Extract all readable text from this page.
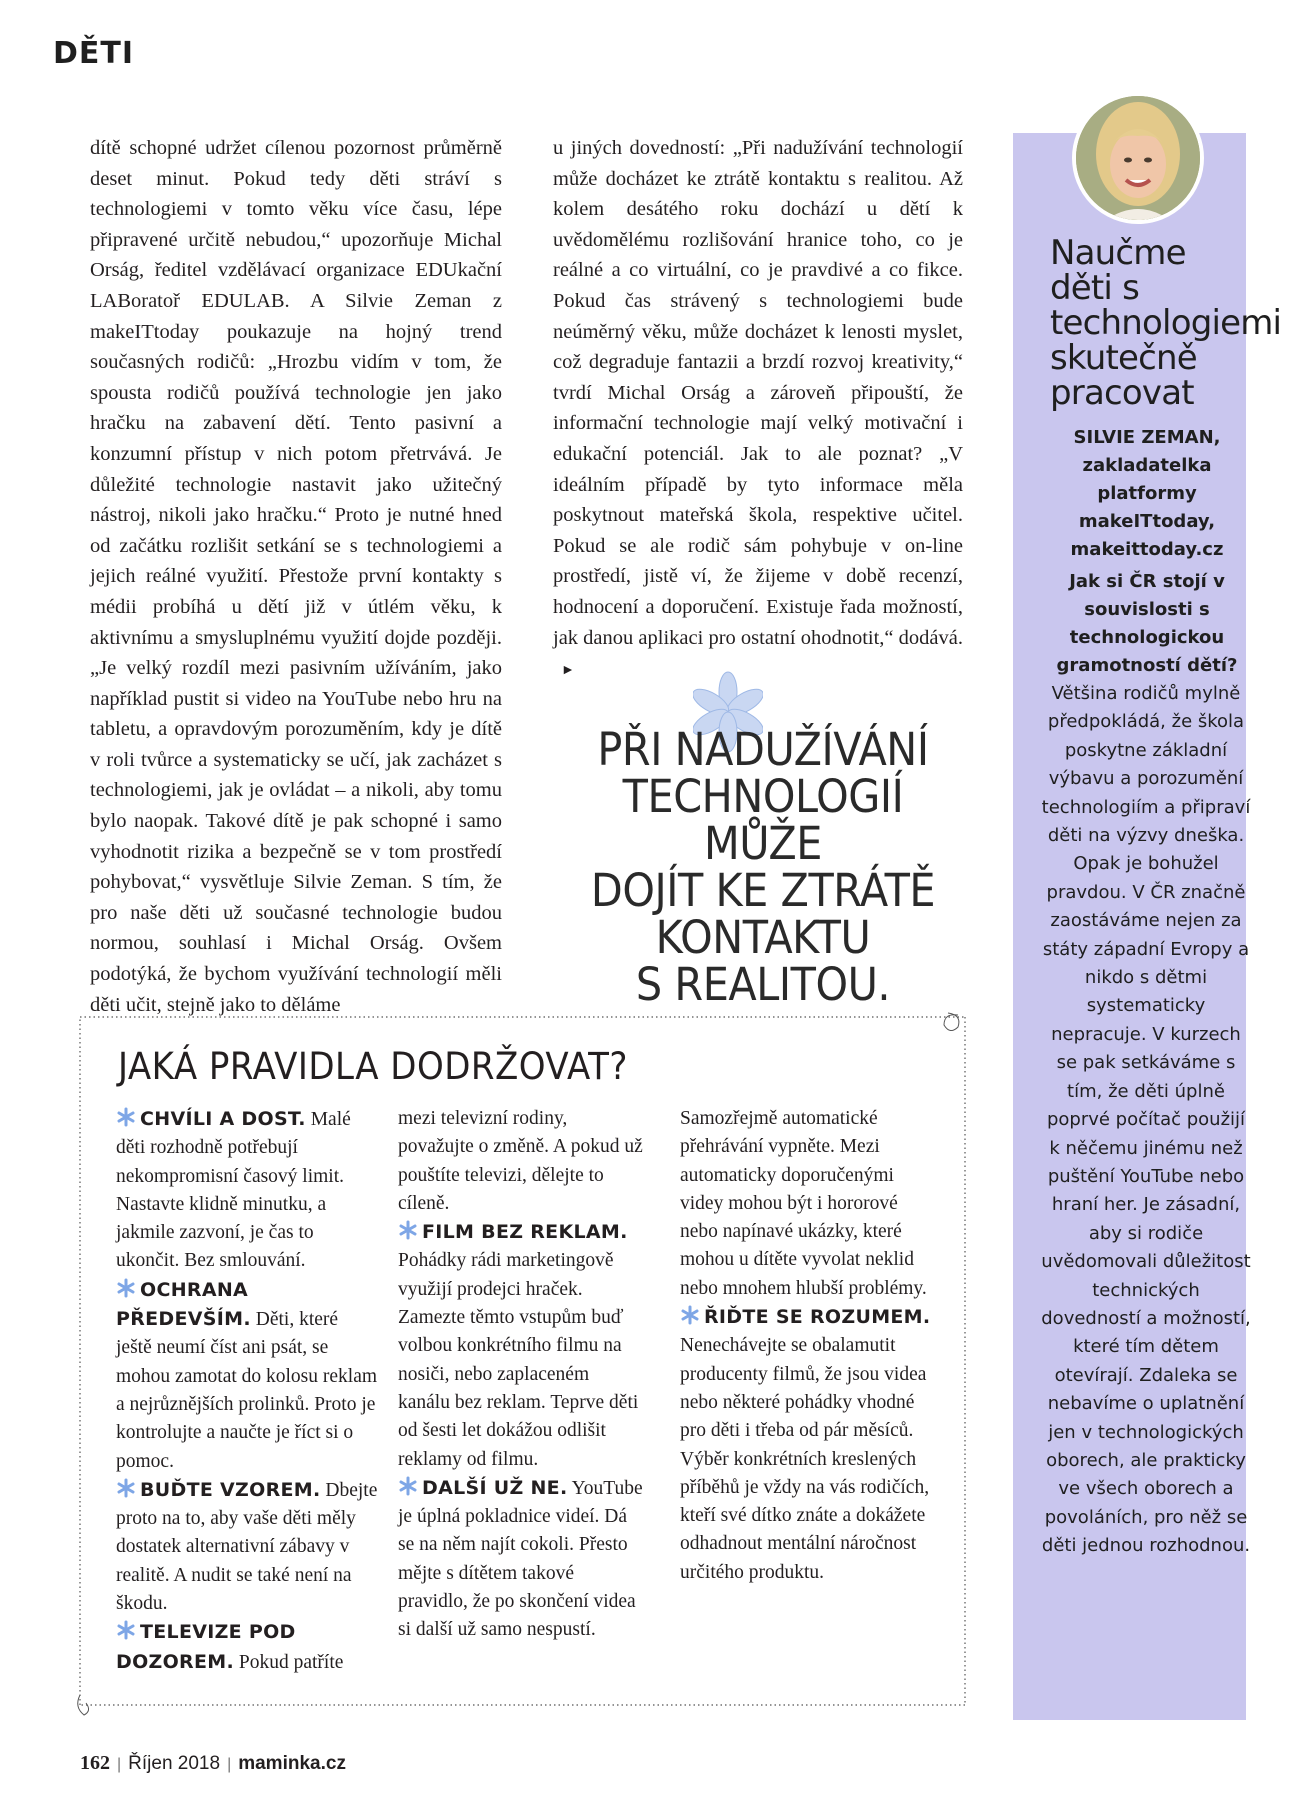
DĚTI
dítě schopné udržet cílenou pozornost průměrně deset minut. Pokud tedy děti stráví s technologiemi v tomto věku více času, lépe připravené určitě nebudou,“ upozorňuje Michal Orság, ředitel vzdělávací organizace EDUkační LABoratoř EDULAB. A Silvie Zeman z makeITtoday poukazuje na hojný trend současných rodičů: „Hrozbu vidím v tom, že spousta rodičů používá technologie jen jako hračku na zabavení dětí. Tento pasivní a konzumní přístup v nich potom přetrvává. Je důležité technologie nastavit jako užitečný nástroj, nikoli jako hračku.“ Proto je nutné hned od začátku rozlišit setkání se s technologiemi a jejich reálné využití. Přestože první kontakty s médii probíhá u dětí již v útlém věku, k aktivnímu a smysluplnému využití dojde později. „Je velký rozdíl mezi pasivním užíváním, jako například pustit si video na YouTube nebo hru na tabletu, a opravdovým porozuměním, kdy je dítě v roli tvůrce a systematicky se učí, jak zacházet s technologiemi, jak je ovládat – a nikoli, aby tomu bylo naopak. Takové dítě je pak schopné i samo vyhodnotit rizika a bezpečně se v tom prostředí pohybovat,“ vysvětluje Silvie Zeman. S tím, že pro naše děti už současné technologie budou normou, souhlasí i Michal Orság. Ovšem podotýká, že bychom využívání technologií měli děti učit, stejně jako to děláme

u jiných dovedností: „Při nadužívání technologií může docházet ke ztrátě kontaktu s realitou. Až kolem desátého roku dochází u dětí k uvědomělému rozlišování hranice toho, co je reálné a co virtuální, co je pravdivé a co fikce. Pokud čas strávený s technologiemi bude neúměrný věku, může docházet k lenosti myslet, což degraduje fantazii a brzdí rozvoj kreativity,“ tvrdí Michal Orság a zároveň připouští, že informační technologie mají velký motivační i edukační potenciál. Jak to ale poznat? „V ideálním případě by tyto informace měla poskytnout mateřská škola, respektive učitel. Pokud se ale rodič sám pohybuje v on-line prostředí, jistě ví, že žijeme v době recenzí, hodnocení a doporučení. Existuje řada možností, jak danou aplikaci pro ostatní ohodnotit,“ dodává.►

PŘI NADUŽÍVÁNÍ
TECHNOLOGIÍ MŮŽE
DOJÍT KE ZTRÁTĚ
KONTAKTU
S REALITOU.
JAKÁ PRAVIDLA DODRŽOVAT?
CHVÍLI A DOST. Malé děti rozhodně potřebují nekompromisní časový limit. Nastavte klidně minutku, a jakmile zazvoní, je čas to ukončit. Bez smlouvání.
OCHRANA PŘEDEVŠÍM. Děti, které ještě neumí číst ani psát, se mohou zamotat do kolosu reklam a nejrůznějších prolinků. Proto je kontrolujte a naučte je říct si o pomoc.
BUĎTE VZOREM. Dbejte proto na to, aby vaše děti měly dostatek alternativní zábavy v realitě. A nudit se také není na škodu.
TELEVIZE POD DOZOREM. Pokud patříte
mezi televizní rodiny, považujte o změně. A pokud už pouštíte televizi, dělejte to cíleně.
FILM BEZ REKLAM. Pohádky rádi marketingově využijí prodejci hraček. Zamezte těmto vstupům buď volbou konkrétního filmu na nosiči, nebo zaplaceném kanálu bez reklam. Teprve děti od šesti let dokážou odlišit reklamy od filmu.
DALŠÍ UŽ NE. YouTube je úplná pokladnice videí. Dá se na něm najít cokoli. Přesto mějte s dítětem takové pravidlo, že po skončení videa si další už samo nespustí.
Samozřejmě automatické přehrávání vypněte. Mezi automaticky doporučenými videy mohou být i hororové nebo napínavé ukázky, které mohou u dítěte vyvolat neklid nebo mnohem hlubší problémy.
ŘIĎTE SE ROZUMEM. Nenechávejte se obalamutit producenty filmů, že jsou videa nebo některé pohádky vhodné pro děti i třeba od pár měsíců. Výběr konkrétních kreslených příběhů je vždy na vás rodičích, kteří své dítko znáte a dokážete odhadnout mentální náročnost určitého produktu.
Naučme děti s technologiemi skutečně pracovat
SILVIE ZEMAN,
zakladatelka platformy makeITtoday,
makeittoday.cz
Jak si ČR stojí v souvislosti s technologickou gramotností dětí?
Většina rodičů mylně předpokládá, že škola poskytne základní výbavu a porozumění technologiím a připraví děti na výzvy dneška. Opak je bohužel pravdou. V ČR značně zaostáváme nejen za státy západní Evropy a nikdo s dětmi systematicky nepracuje. V kurzech se pak setkáváme s tím, že děti úplně poprvé počítač použijí k něčemu jinému než puštění YouTube nebo hraní her. Je zásadní, aby si rodiče uvědomovali důležitost technických dovedností a možností, které tím dětem otevírají. Zdaleka se nebavíme o uplatnění jen v technologických oborech, ale prakticky ve všech oborech a povoláních, pro něž se děti jednou rozhodnou.
162 | Říjen 2018 | maminka.cz
